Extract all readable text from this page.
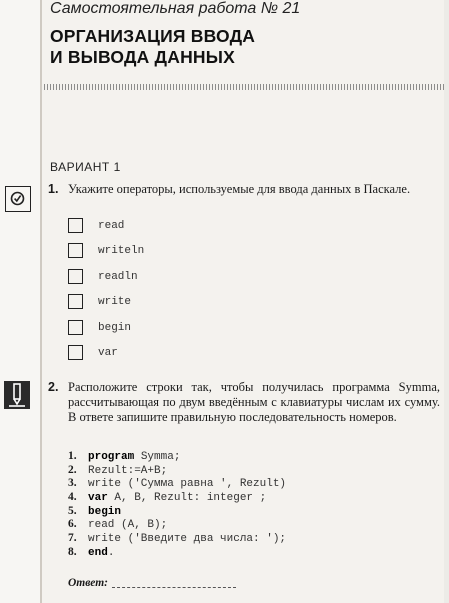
Самостоятельная работа № 21
ОРГАНИЗАЦИЯ ВВОДА
И ВЫВОДА ДАННЫХ
ВАРИАНТ 1
1. Укажите операторы, используемые для ввода данных в Паскале.
read
writeln
readln
write
begin
var
2. Расположите строки так, чтобы получилась программа Symma, рассчитывающая по двум введённым с клавиатуры числам их сумму. В ответе запишите правильную последовательность номеров.
1. program Symma;
2. Rezult:=A+B;
3. write ('Сумма равна ', Rezult)
4. var A, B, Rezult: integer ;
5. begin
6. read (A, B);
7. write ('Введите два числа: ');
8. end.
Ответ:
